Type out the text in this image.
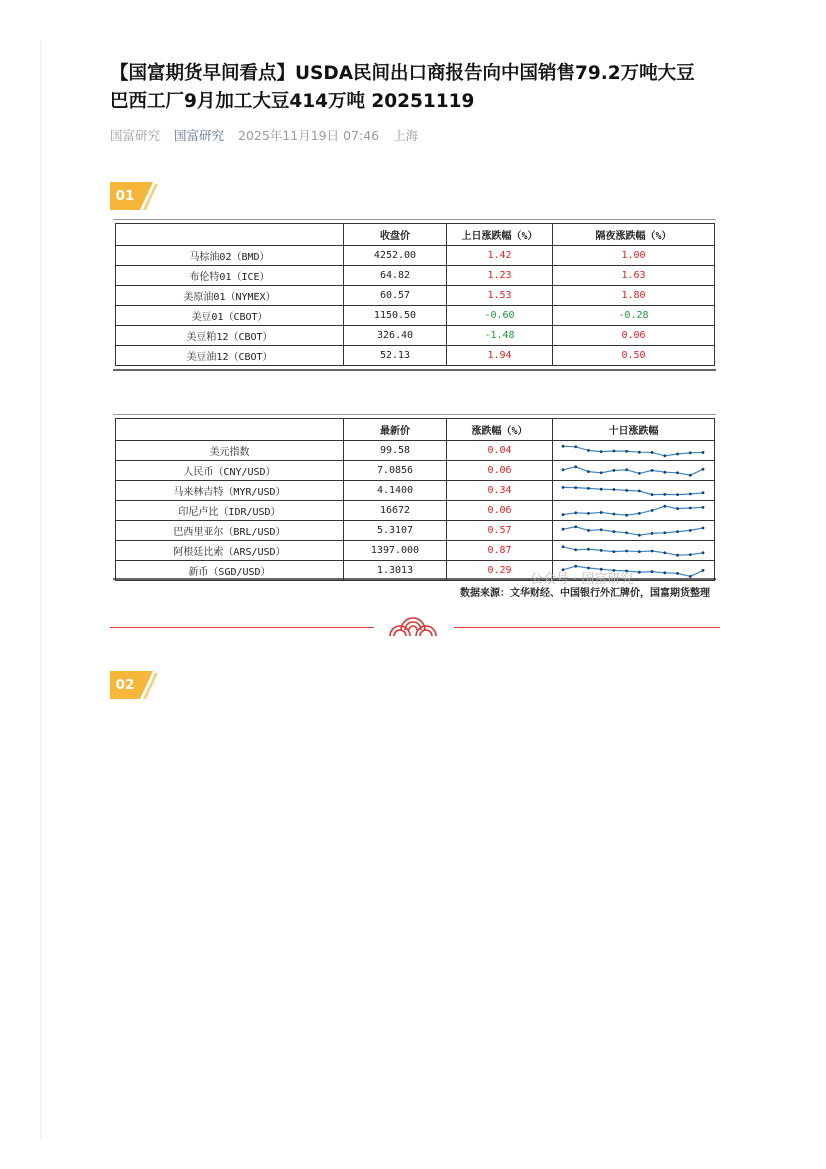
【国富期货早间看点】USDA民间出口商报告向中国销售79.2万吨大豆 巴西工厂9月加工大豆414万吨 20251119
国富研究 国富研究 2025年11月19日 07:46 上海
01
	收盘价	上日涨跌幅（%）	隔夜涨跌幅（%）
马棕油02（BMD）	4252.00	1.42	1.00
布伦特01（ICE）	64.82	1.23	1.63
美原油01（NYMEX）	60.57	1.53	1.80
美豆01（CBOT）	1150.50	-0.60	-0.28
美豆粕12（CBOT）	326.40	-1.48	0.06
美豆油12（CBOT）	52.13	1.94	0.50
	最新价	涨跌幅（%）	十日涨跌幅
美元指数	99.58	0.04	

人民币（CNY/USD）	7.0856	0.06	

马来林吉特（MYR/USD）	4.1400	0.34	

印尼卢比（IDR/USD）	16672	0.06	

巴西里亚尔（BRL/USD）	5.3107	0.57	

阿根廷比索（ARS/USD）	1397.000	0.87	

新币（SGD/USD）	1.3013	0.29	
公众号 · 国富研究
数据来源：文华财经、中国银行外汇牌价，国富期货整理
02
